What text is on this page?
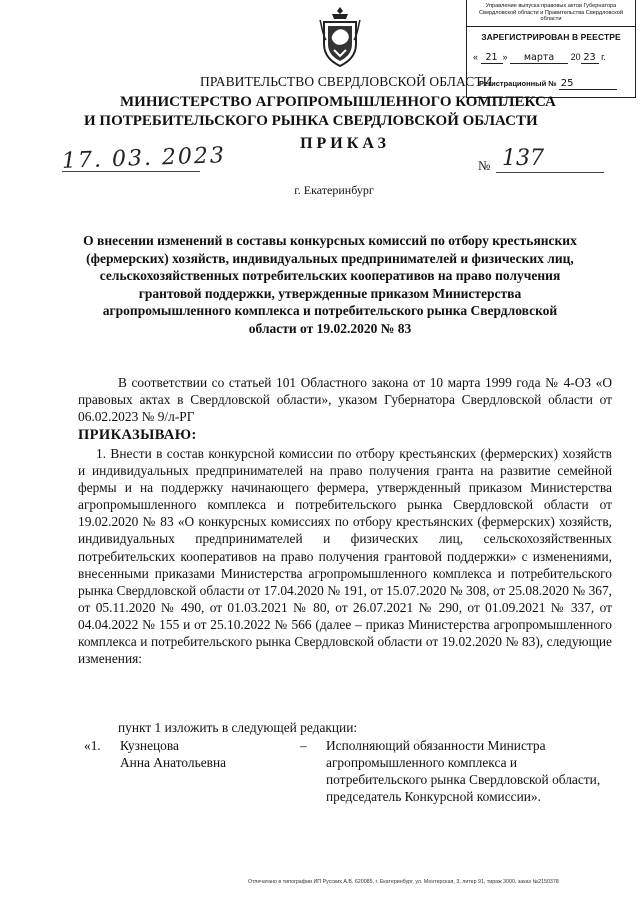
Управление выпуска правовых актов Губернатора Свердловской области и Правительства Свердловской области
ЗАРЕГИСТРИРОВАН В РЕЕСТРЕ
« 21 » марта 20 23 г.
Регистрационный № 25
ПРАВИТЕЛЬСТВО СВЕРДЛОВСКОЙ ОБЛАСТИ
МИНИСТЕРСТВО АГРОПРОМЫШЛЕННОГО КОМПЛЕКСА
И ПОТРЕБИТЕЛЬСКОГО РЫНКА СВЕРДЛОВСКОЙ ОБЛАСТИ
ПРИКАЗ
17. 03. 2023	№ 137
г. Екатеринбург
О внесении изменений в составы конкурсных комиссий по отбору крестьянских (фермерских) хозяйств, индивидуальных предпринимателей и физических лиц, сельскохозяйственных потребительских кооперативов на право получения грантовой поддержки, утвержденные приказом Министерства агропромышленного комплекса и потребительского рынка Свердловской области от 19.02.2020 № 83
В соответствии со статьей 101 Областного закона от 10 марта 1999 года № 4-ОЗ «О правовых актах в Свердловской области», указом Губернатора Свердловской области от 06.02.2023 № 9/л-РГ
ПРИКАЗЫВАЮ:
1. Внести в состав конкурсной комиссии по отбору крестьянских (фермерских) хозяйств и индивидуальных предпринимателей на право получения гранта на развитие семейной фермы и на поддержку начинающего фермера, утвержденный приказом Министерства агропромышленного комплекса и потребительского рынка Свердловской области от 19.02.2020 № 83 «О конкурсных комиссиях по отбору крестьянских (фермерских) хозяйств, индивидуальных предпринимателей и физических лиц, сельскохозяйственных потребительских кооперативов на право получения грантовой поддержки» с изменениями, внесенными приказами Министерства агропромышленного комплекса и потребительского рынка Свердловской области от 17.04.2020 № 191, от 15.07.2020 № 308, от 25.08.2020 № 367, от 05.11.2020 № 490, от 01.03.2021 № 80, от 26.07.2021 № 290, от 01.09.2021 № 337, от 04.04.2022 № 155 и от 25.10.2022 № 566 (далее – приказ Министерства агропромышленного комплекса и потребительского рынка Свердловской области от 19.02.2020 № 83), следующие изменения:
пункт 1 изложить в следующей редакции:
«1. Кузнецова
Анна Анатольевна
– Исполняющий обязанности Министра агропромышленного комплекса и потребительского рынка Свердловской области, председатель Конкурсной комиссии».
Отпечатано в типографии ИП Русских А.В. 620085, г. Екатеринбург, ул. Монтерская, 3, литер 91, тираж 3000, заказ №2150378
